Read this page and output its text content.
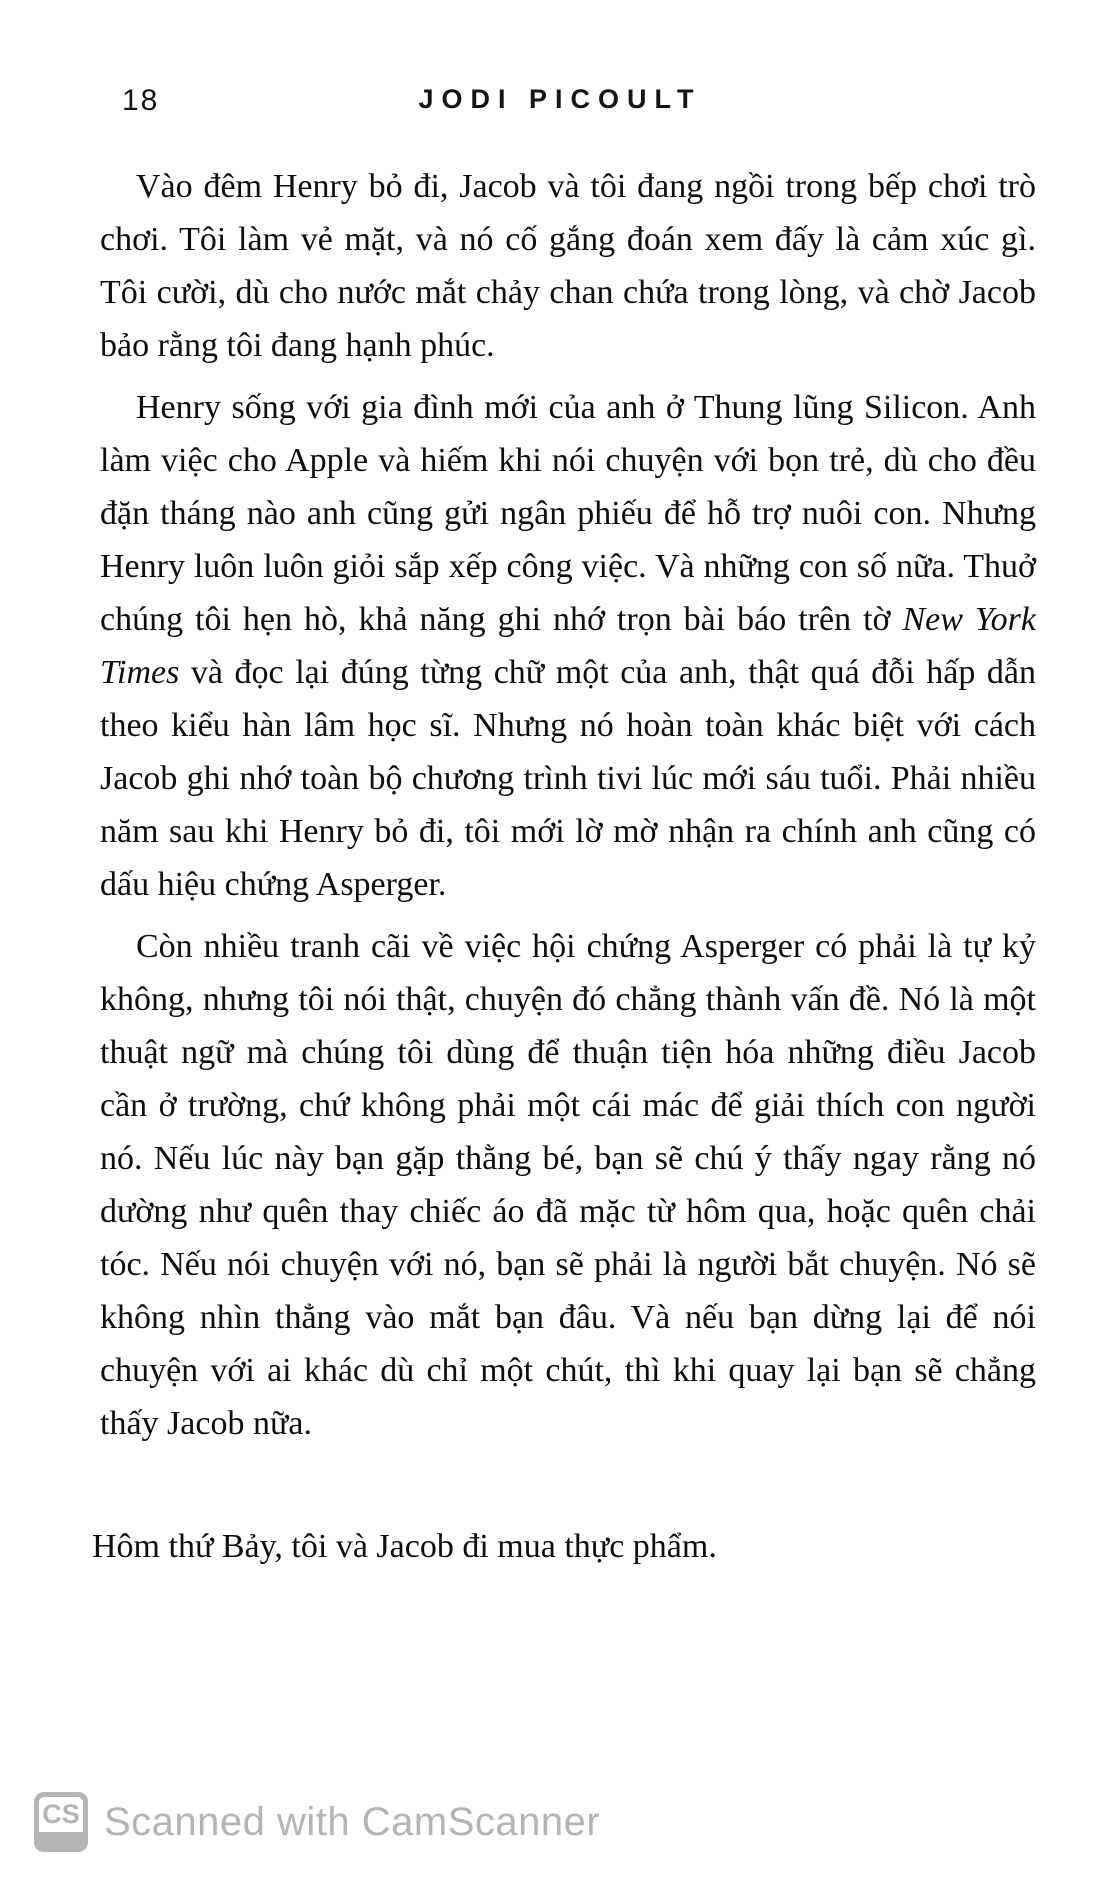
18	JODI PICOULT

Vào đêm Henry bỏ đi, Jacob và tôi đang ngồi trong bếp chơi trò chơi. Tôi làm vẻ mặt, và nó cố gắng đoán xem đấy là cảm xúc gì. Tôi cười, dù cho nước mắt chảy chan chứa trong lòng, và chờ Jacob bảo rằng tôi đang hạnh phúc.

Henry sống với gia đình mới của anh ở Thung lũng Silicon. Anh làm việc cho Apple và hiếm khi nói chuyện với bọn trẻ, dù cho đều đặn tháng nào anh cũng gửi ngân phiếu để hỗ trợ nuôi con. Nhưng Henry luôn luôn giỏi sắp xếp công việc. Và những con số nữa. Thuở chúng tôi hẹn hò, khả năng ghi nhớ trọn bài báo trên tờ New York Times và đọc lại đúng từng chữ một của anh, thật quá đỗi hấp dẫn theo kiểu hàn lâm học sĩ. Nhưng nó hoàn toàn khác biệt với cách Jacob ghi nhớ toàn bộ chương trình tivi lúc mới sáu tuổi. Phải nhiều năm sau khi Henry bỏ đi, tôi mới lờ mờ nhận ra chính anh cũng có dấu hiệu chứng Asperger.

Còn nhiều tranh cãi về việc hội chứng Asperger có phải là tự kỷ không, nhưng tôi nói thật, chuyện đó chẳng thành vấn đề. Nó là một thuật ngữ mà chúng tôi dùng để thuận tiện hóa những điều Jacob cần ở trường, chứ không phải một cái mác để giải thích con người nó. Nếu lúc này bạn gặp thằng bé, bạn sẽ chú ý thấy ngay rằng nó dường như quên thay chiếc áo đã mặc từ hôm qua, hoặc quên chải tóc. Nếu nói chuyện với nó, bạn sẽ phải là người bắt chuyện. Nó sẽ không nhìn thẳng vào mắt bạn đâu. Và nếu bạn dừng lại để nói chuyện với ai khác dù chỉ một chút, thì khi quay lại bạn sẽ chẳng thấy Jacob nữa.

Hôm thứ Bảy, tôi và Jacob đi mua thực phẩm.

CS Scanned with CamScanner
